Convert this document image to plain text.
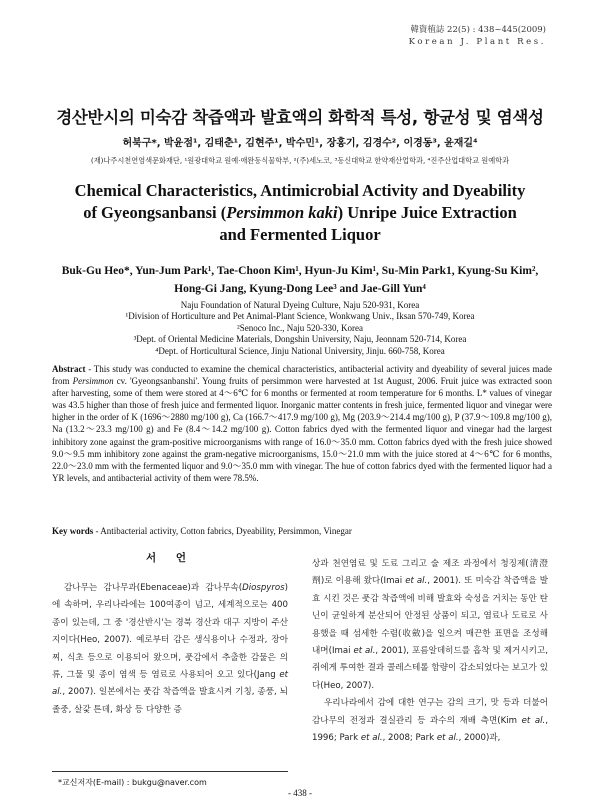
韓資植誌 22(5) : 438~445(2009)
Korean J. Plant Res.
경산반시의 미숙감 착즙액과 발효액의 화학적 특성, 항균성 및 염색성
허북구*, 박윤점¹, 김태춘¹, 김현주¹, 박수민¹, 장홍기, 김경수², 이경동³, 윤재길⁴
(재)나주시천연염색문화재단, ¹원광대학교 원예·애완동식물학부, ²(주)세노코, ³동신대학교 한약재산업학과, ⁴진주산업대학교 원예학과
Chemical Characteristics, Antimicrobial Activity and Dyeability
of Gyeongsanbansi (Persimmon kaki) Unripe Juice Extraction
and Fermented Liquor
Buk-Gu Heo*, Yun-Jum Park¹, Tae-Choon Kim¹, Hyun-Ju Kim¹, Su-Min Park1, Kyung-Su Kim²,
Hong-Gi Jang, Kyung-Dong Lee³ and Jae-Gill Yun⁴
Naju Foundation of Natural Dyeing Culture, Naju 520-931, Korea
¹Division of Horticulture and Pet Animal-Plant Science, Wonkwang Univ., Iksan 570-749, Korea
²Senoco Inc., Naju 520-330, Korea
³Dept. of Oriental Medicine Materials, Dongshin University, Naju, Jeonnam 520-714, Korea
⁴Dept. of Horticultural Science, Jinju National University, Jinju. 660-758, Korea
Abstract - This study was conducted to examine the chemical characteristics, antibacterial activity and dyeability of several juices made from Persimmon cv. 'Gyeongsanbanshi'. Young fruits of persimmon were harvested at 1st August, 2006. Fruit juice was extracted soon after harvesting, some of them were stored at 4～6℃ for 6 months or fermented at room temperature for 6 months. L* values of vinegar was 43.5 higher than those of fresh juice and fermented liquor. Inorganic matter contents in fresh juice, fermented liquor and vinegar were higher in the order of K (1696～2880 mg/100 g), Ca (166.7～417.9 mg/100 g), Mg (203.9～214.4 mg/100 g), P (37.9～109.8 mg/100 g), Na (13.2～23.3 mg/100 g) and Fe (8.4～14.2 mg/100 g). Cotton fabrics dyed with the fermented liquor and vinegar had the largest inhibitory zone against the gram-positive microorganisms with range of 16.0～35.0 mm. Cotton fabrics dyed with the fresh juice showed 9.0～9.5 mm inhibitory zone against the gram-negative microorganisms, 15.0～21.0 mm with the juice stored at 4～6℃ for 6 months, 22.0～23.0 mm with the fermented liquor and 9.0～35.0 mm with vinegar. The hue of cotton fabrics dyed with the fermented liquor had a YR levels, and antibacterial activity of them were 78.5%.
Key words - Antibacterial activity, Cotton fabrics, Dyeability, Persimmon, Vinegar
서 언

감나무는 감나무과(Ebenaceae)과 감나무속(Diospyros)에 속하며, 우리나라에는 100여종이 넘고, 세계적으로는 400종이 있는데, 그 중 '경산반시'는 경북 경산과 대구 지방이 주산지이다(Heo, 2007). 예로부터 감은 생식용이나 수정과, 장아찌, 식초 등으로 이용되어 왔으며, 풋감에서 추출한 감물은 의류, 그물 및 종이 염색 등 염료로 사용되어 오고 있다(Jang et al., 2007). 일본에서는 풋감 착즙액을 발효시켜 기칭, 종풍, 뇌졸중, 살갗 튼데, 화상 등 다양한 증

상과 천연염료 및 도료 그리고 술 제조 과정에서 청징제(清澄劑)로 이용해 왔다(Imai et al., 2001). 또 미숙감 착즙액을 발효 시킨 것은 풋감 착즙액에 비해 발효와 숙성을 거치는 동안 탄닌이 균일하게 분산되어 안정된 상품이 되고, 염료나 도료로 사용했을 때 섬세한 수렴(收斂)을 일으켜 매끈한 표면을 조성해 내며(Imai et al., 2001), 포름알데히드를 흡착 및 제거시키고, 쥐에게 투여한 결과 콜레스테롤 함량이 감소되었다는 보고가 있다(Heo, 2007).

우리나라에서 감에 대한 연구는 감의 크기, 맛 등과 더불어 감나무의 전정과 결실관리 등 과수의 재배 측면(Kim et al., 1996; Park et al., 2008; Park et al., 2000)과,

*교신저자(E-mail) : bukgu@naver.com
- 438 -
